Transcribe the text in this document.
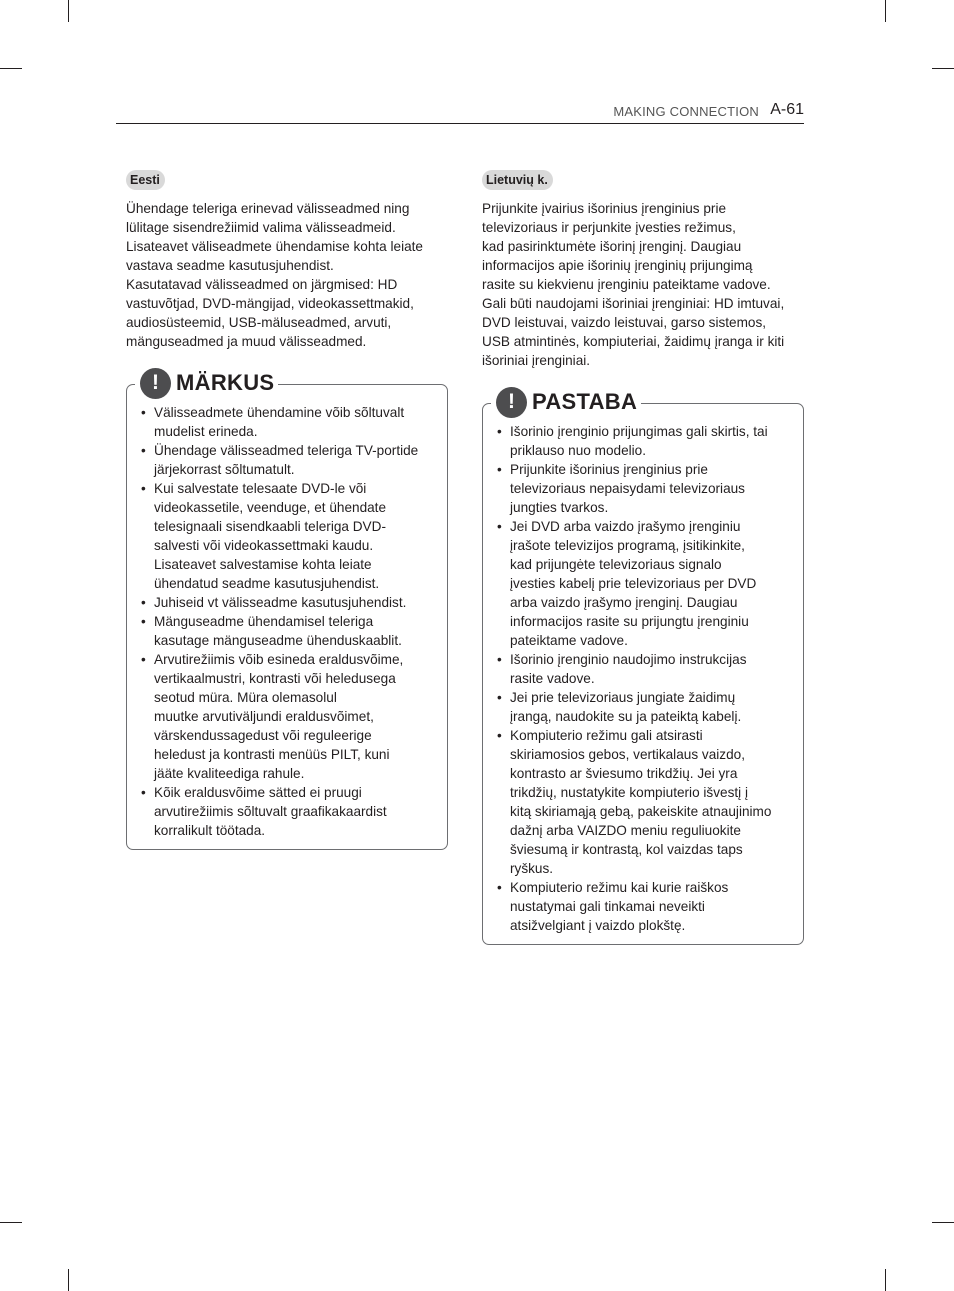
MAKING CONNECTION A-61
Eesti

Ühendage teleriga erinevad välisseadmed ning
lülitage sisendrežiimid valima välisseadmeid.
Lisateavet väliseadmete ühendamise kohta leiate
vastava seadme kasutusjuhendist.
Kasutatavad välisseadmed on järgmised: HD
vastuvõtjad, DVD-mängijad, videokassettmakid,
audiosüsteemid, USB-mäluseadmed, arvuti,
mänguseadmed ja muud välisseadmed.

! MÄRKUS
• Välisseadmete ühendamine võib sõltuvalt
mudelist erineda.
• Ühendage välisseadmed teleriga TV-portide
järjekorrast sõltumatult.
• Kui salvestate telesaate DVD-le või
videokassetile, veenduge, et ühendate
telesignaali sisendkaabli teleriga DVD-
salvesti või videokassettmaki kaudu.
Lisateavet salvestamise kohta leiate
ühendatud seadme kasutusjuhendist.
• Juhiseid vt välisseadme kasutusjuhendist.
• Mänguseadme ühendamisel teleriga
kasutage mänguseadme ühenduskaablit.
• Arvutirežiimis võib esineda eraldusvõime,
vertikaalmustri, kontrasti või heledusega
seotud müra. Müra olemasolul
muutke arvutiväljundi eraldusvõimet,
värskendussagedust või reguleerige
heledust ja kontrasti menüüs PILT, kuni
jääte kvaliteediga rahule.
• Kõik eraldusvõime sätted ei pruugi
arvutirežiimis sõltuvalt graafikakaardist
korralikult töötada.
Lietuvių k.

Prijunkite įvairius išorinius įrenginius prie
televizoriaus ir perjunkite įvesties režimus,
kad pasirinktumėte išorinį įrenginį. Daugiau
informacijos apie išorinių įrenginių prijungimą
rasite su kiekvienu įrenginiu pateiktame vadove.
Gali būti naudojami išoriniai įrenginiai: HD imtuvai,
DVD leistuvai, vaizdo leistuvai, garso sistemos,
USB atmintinės, kompiuteriai, žaidimų įranga ir kiti
išoriniai įrenginiai.

! PASTABA
• Išorinio įrenginio prijungimas gali skirtis, tai
priklauso nuo modelio.
• Prijunkite išorinius įrenginius prie
televizoriaus nepaisydami televizoriaus
jungties tvarkos.
• Jei DVD arba vaizdo įrašymo įrenginiu
įrašote televizijos programą, įsitikinkite,
kad prijungėte televizoriaus signalo
įvesties kabelį prie televizoriaus per DVD
arba vaizdo įrašymo įrenginį. Daugiau
informacijos rasite su prijungtu įrenginiu
pateiktame vadove.
• Išorinio įrenginio naudojimo instrukcijas
rasite vadove.
• Jei prie televizoriaus jungiate žaidimų
įrangą, naudokite su ja pateiktą kabelį.
• Kompiuterio režimu gali atsirasti
skiriamosios gebos, vertikalaus vaizdo,
kontrasto ar šviesumo trikdžių. Jei yra
trikdžių, nustatykite kompiuterio išvestį į
kitą skiriamąją gebą, pakeiskite atnaujinimo
dažnį arba VAIZDO meniu reguliuokite
šviesumą ir kontrastą, kol vaizdas taps
ryškus.
• Kompiuterio režimu kai kurie raiškos
nustatymai gali tinkamai neveikti
atsižvelgiant į vaizdo plokštę.
